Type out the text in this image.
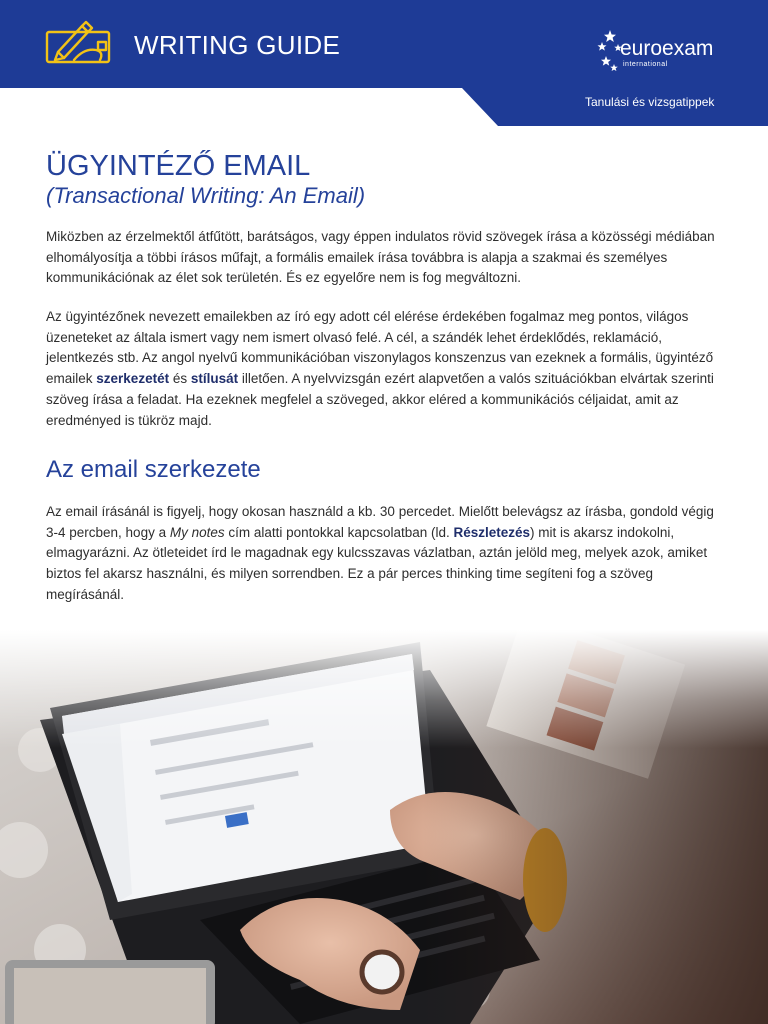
WRITING GUIDE	euroexam
international
Tanulási és vizsgatippek
ÜGYINTÉZŐ EMAIL
(Transactional Writing: An Email)

Miközben az érzelmektől átfűtött, barátságos, vagy éppen indulatos rövid szövegek írása a közösségi médiában elhomályosítja a többi írásos műfajt, a formális emailek írása továbbra is alapja a szakmai és személyes kommunikációnak az élet sok területén. És ez egyelőre nem is fog megváltozni.

Az ügyintézőnek nevezett emailekben az író egy adott cél elérése érdekében fogalmaz meg pontos, világos üzeneteket az általa ismert vagy nem ismert olvasó felé. A cél, a szándék lehet érdeklődés, reklamáció, jelentkezés stb. Az angol nyelvű kommunikációban viszonylagos konszenzus van ezeknek a formális, ügyintéző emailek szerkezetét és stílusát illetően. A nyelvvizsgán ezért alapvetően a valós szituációkban elvártak szerinti szöveg írása a feladat. Ha ezeknek megfelel a szöveged, akkor eléred a kommunikációs céljaidat, amit az eredményed is tükröz majd.

Az email szerkezete

Az email írásánál is figyelj, hogy okosan használd a kb. 30 percedet. Mielőtt belevágsz az írásba, gondold végig 3-4 percben, hogy a My notes cím alatti pontokkal kapcsolatban (ld. Részletezés) mit is akarsz indokolni, elmagyarázni. Az ötleteidet írd le magadnak egy kulcsszavas vázlatban, aztán jelöld meg, melyek azok, amiket biztos fel akarsz használni, és milyen sorrendben. Ez a pár perces thinking time segíteni fog a szöveg megírásánál.
